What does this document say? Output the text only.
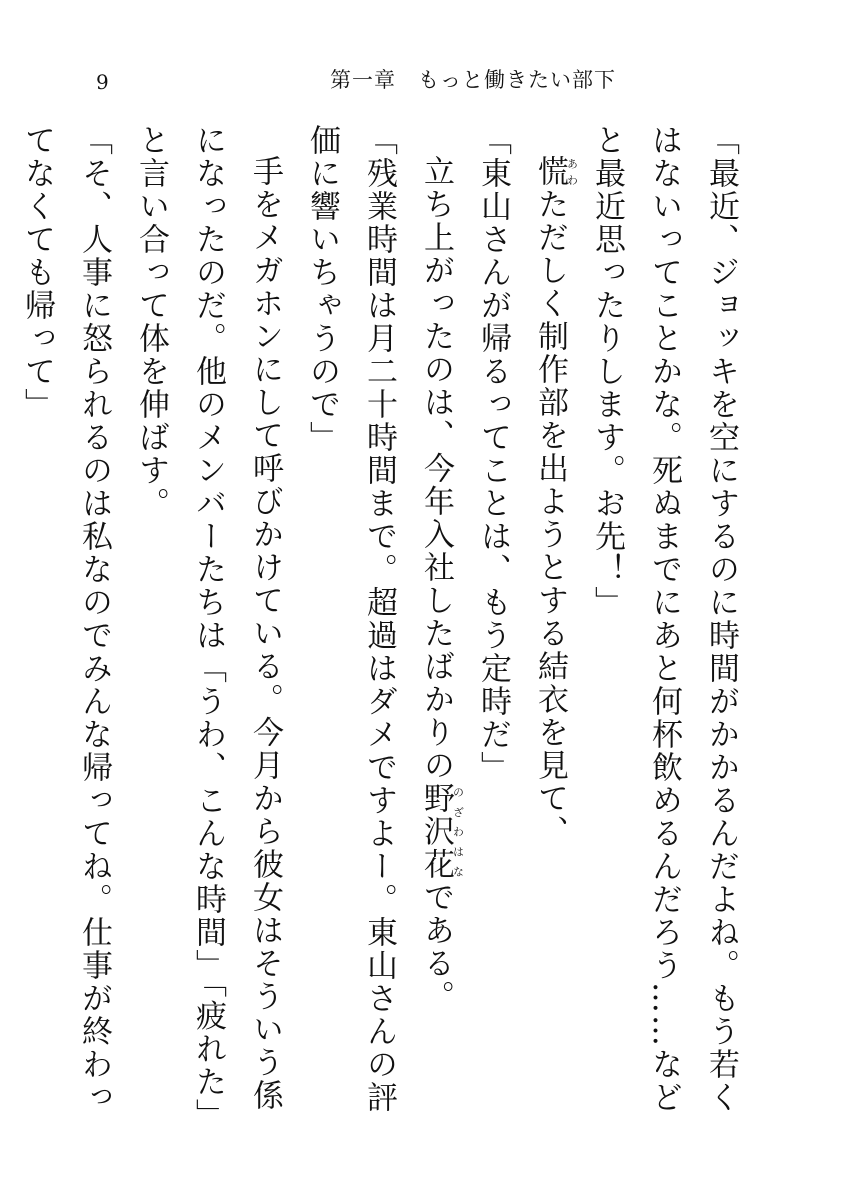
9	第一章　もっと働きたい部下

「最近、ジョッキを空にするのに時間がかかるんだよね。もう若くはないってことかな。死ぬまでにあと何杯飲めるんだろう……などと最近思ったりします。お先！」

慌あわただしく制作部を出ようとする結衣を見て、

「東山さんが帰るってことは、もう定時だ」

立ち上がったのは、今年入社したばかりの野沢花のざわはなである。

「残業時間は月二十時間まで。超過はダメですよー。東山さんの評価に響いちゃうので」

手をメガホンにして呼びかけている。今月から彼女はそういう係になったのだ。他のメンバーたちは「うわ、こんな時間」「疲れた」と言い合って体を伸ばす。

「そ、人事に怒られるのは私なのでみんな帰ってね。仕事が終わってなくても帰って」
